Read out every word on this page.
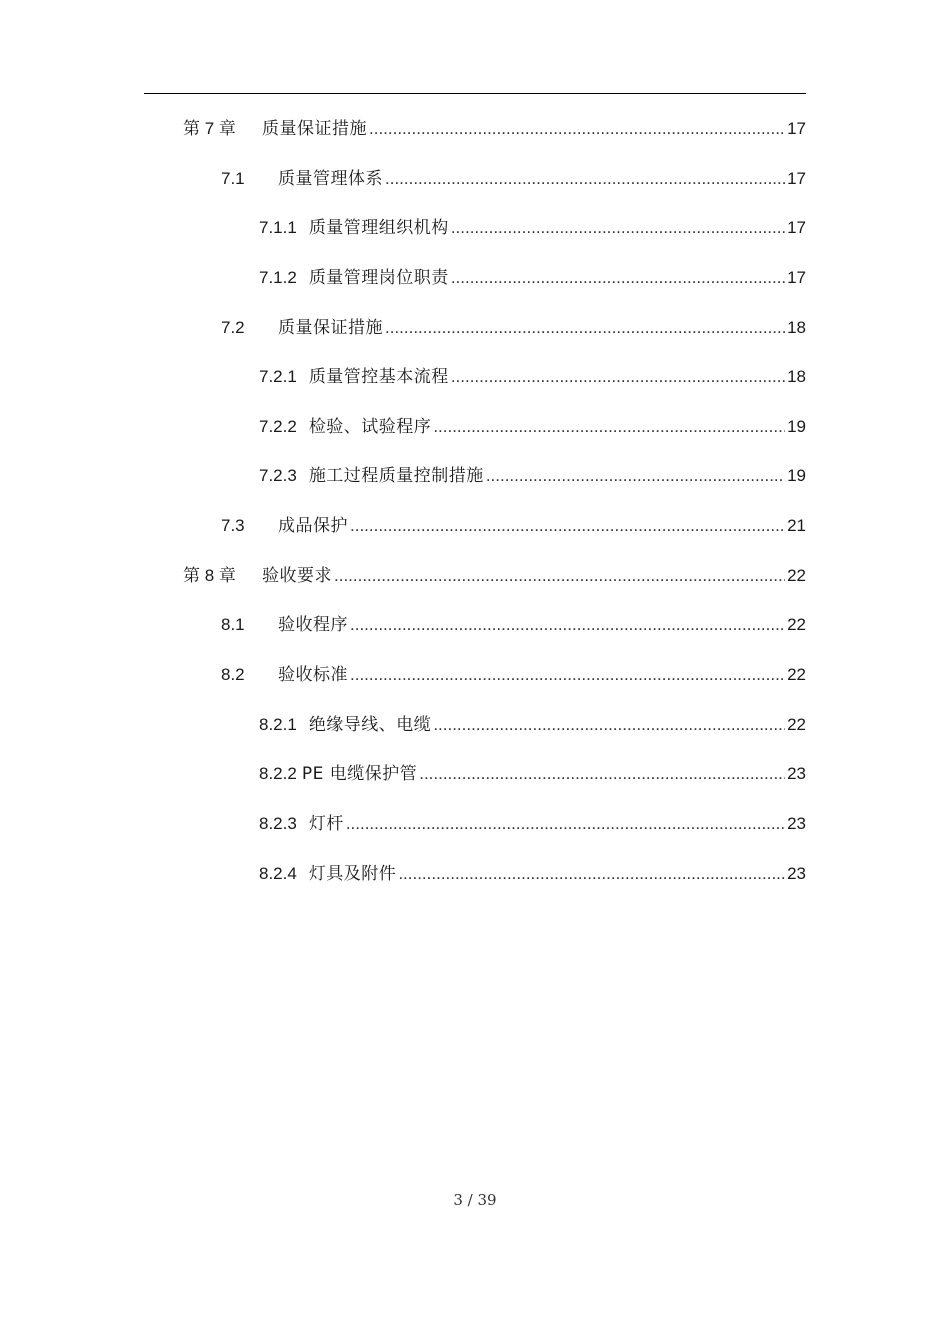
第 7 章	质量保证措施 .....	17
7.1	质量管理体系 .....	17
7.1.1 质量管理组织机构 .....	17
7.1.2 质量管理岗位职责 .....	17
7.2	质量保证措施 .....	18
7.2.1 质量管控基本流程 .....	18
7.2.2 检验、试验程序 .....	19
7.2.3 施工过程质量控制措施 .....	19
7.3	成品保护 .....	21
第 8 章	验收要求 .....	22
8.1	验收程序 .....	22
8.2	验收标准 .....	22
8.2.1 绝缘导线、电缆 .....	22
8.2.2 PE 电缆保护管 .....	23
8.2.3 灯杆 .....	23
8.2.4 灯具及附件 .....	23
3 / 39
